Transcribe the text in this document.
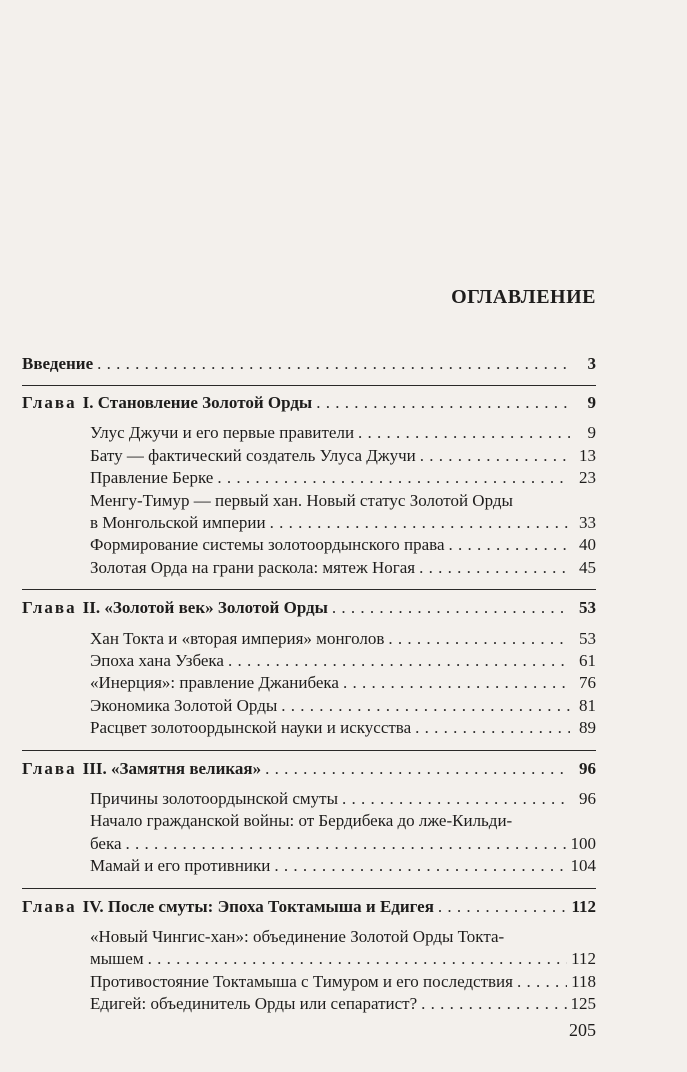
ОГЛАВЛЕНИЕ
Введение . . .	3
Глава I. Становление Золотой Орды . . .	9
Улус Джучи и его первые правители . . .	9
Бату — фактический создатель Улуса Джучи . . .	13
Правление Берке . . .	23
Менгу-Тимур — первый хан. Новый статус Золотой Орды
в Монгольской империи . . .	33
Формирование системы золотоордынского права . . .	40
Золотая Орда на грани раскола: мятеж Ногая . . .	45
Глава II. «Золотой век» Золотой Орды . . .	53
Хан Токта и «вторая империя» монголов . . .	53
Эпоха хана Узбека . . .	61
«Инерция»: правление Джанибека . . .	76
Экономика Золотой Орды . . .	81
Расцвет золотоордынской науки и искусства . . .	89
Глава III. «Замятня великая» . . .	96
Причины золотоордынской смуты . . .	96
Начало гражданской войны: от Бердибека до лже-Кильди-
бека . . .	100
Мамай и его противники . . .	104
Глава IV. После смуты: Эпоха Токтамыша и Едигея . . .	112
«Новый Чингис-хан»: объединение Золотой Орды Токта-
мышем . . .	112
Противостояние Токтамыша с Тимуром и его последствия . . .	118
Едигей: объединитель Орды или сепаратист? . . .	125
205
